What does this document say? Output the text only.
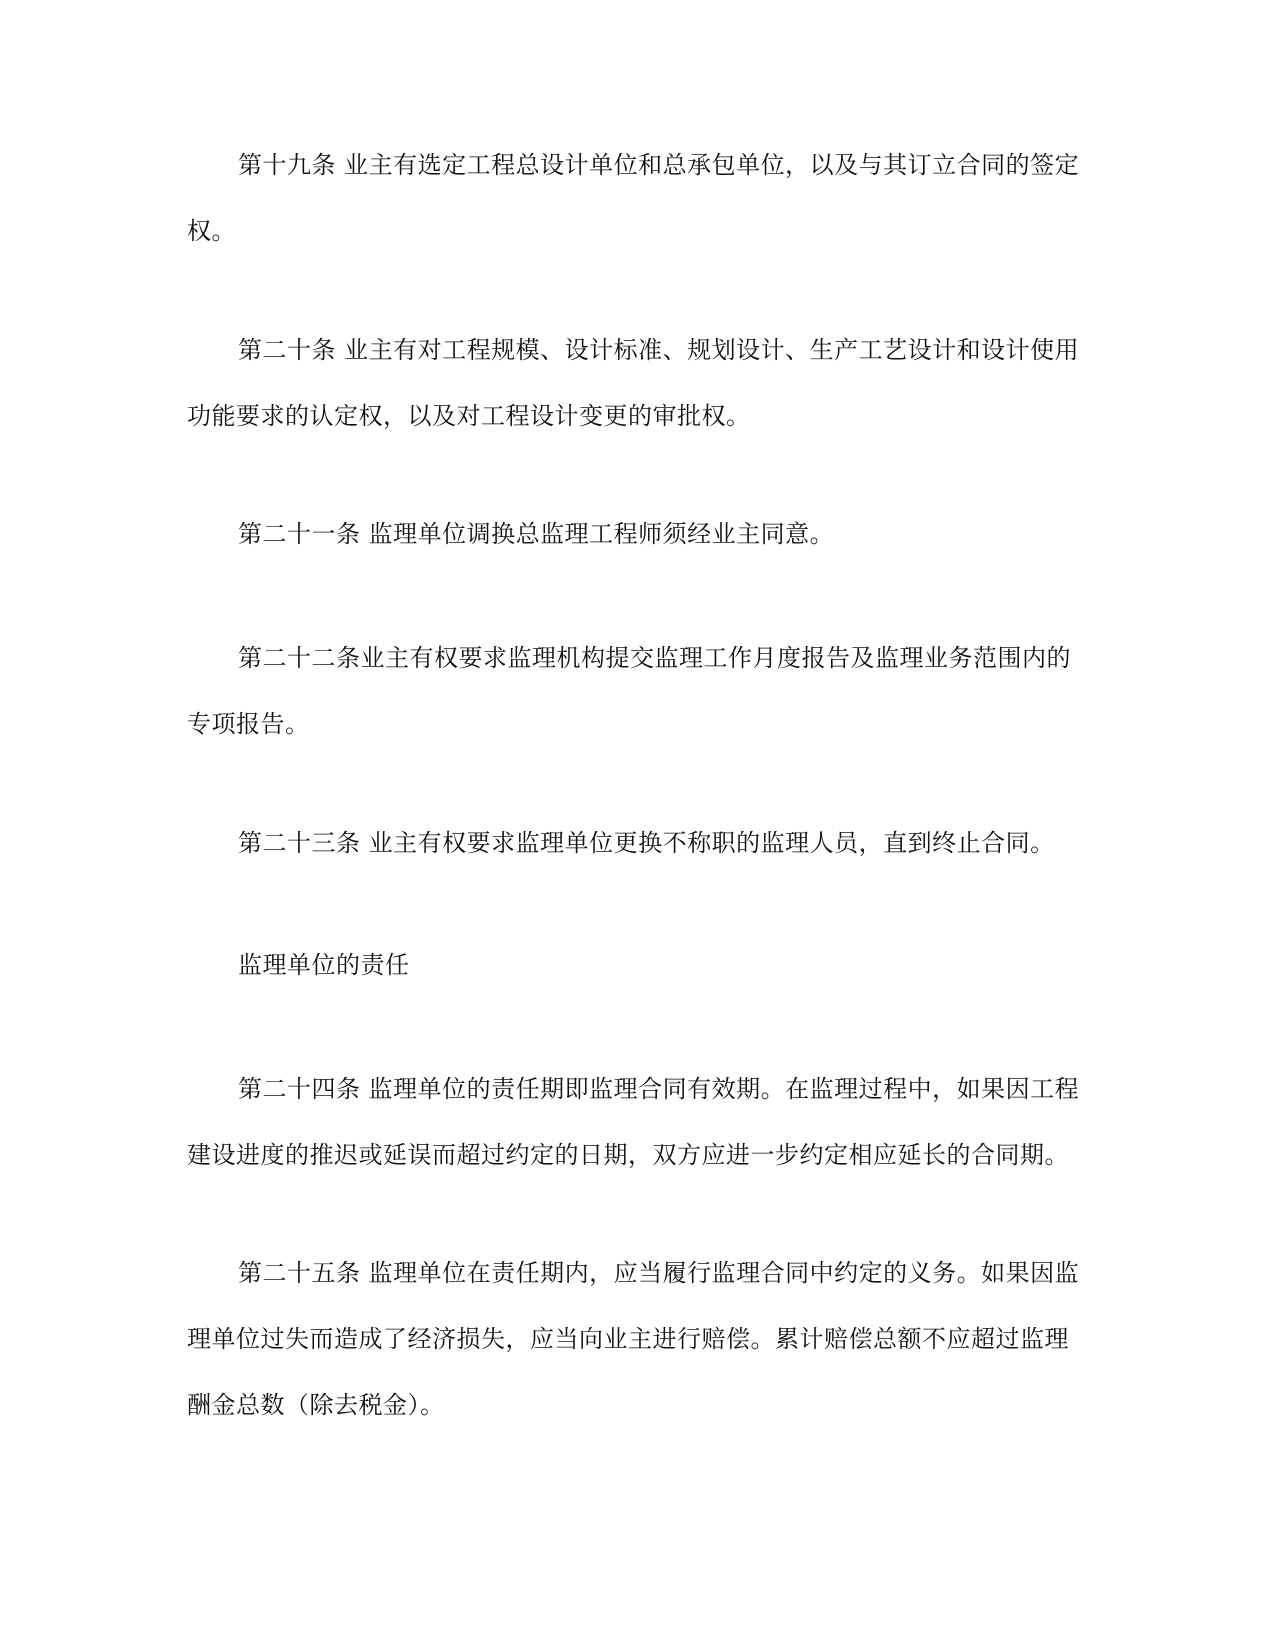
第十九条 业主有选定工程总设计单位和总承包单位，以及与其订立合同的签定
权。

第二十条 业主有对工程规模、设计标准、规划设计、生产工艺设计和设计使用
功能要求的认定权，以及对工程设计变更的审批权。

第二十一条 监理单位调换总监理工程师须经业主同意。

第二十二条业主有权要求监理机构提交监理工作月度报告及监理业务范围内的
专项报告。

第二十三条 业主有权要求监理单位更换不称职的监理人员，直到终止合同。

监理单位的责任

第二十四条 监理单位的责任期即监理合同有效期。在监理过程中，如果因工程
建设进度的推迟或延误而超过约定的日期，双方应进一步约定相应延长的合同期。

第二十五条 监理单位在责任期内，应当履行监理合同中约定的义务。如果因监
理单位过失而造成了经济损失，应当向业主进行赔偿。累计赔偿总额不应超过监理
酬金总数（除去税金）。
